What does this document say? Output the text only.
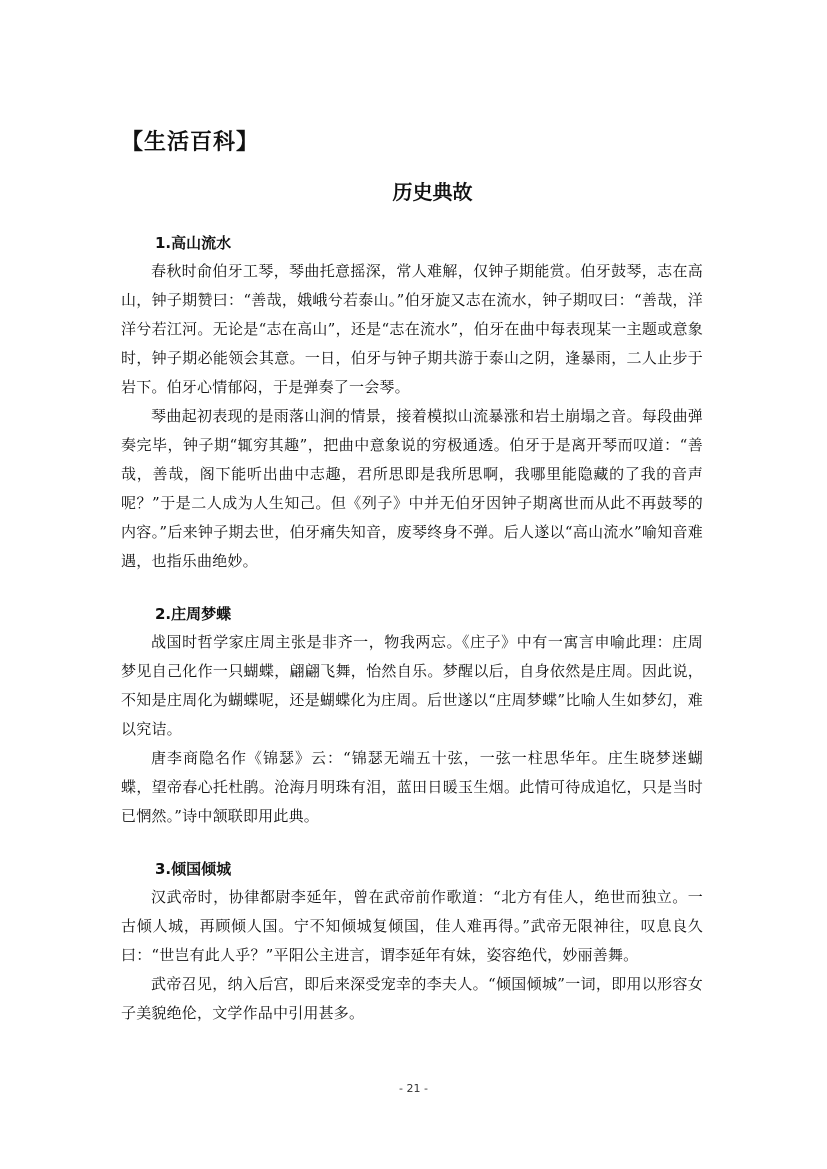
【生活百科】
历史典故

1.高山流水

春秋时俞伯牙工琴，琴曲托意摇深，常人难解，仅钟子期能赏。伯牙鼓琴，志在高山，钟子期赞曰：“善哉，娥峨兮若泰山。”伯牙旋又志在流水，钟子期叹曰：“善哉，洋洋兮若江河。无论是“志在高山”，还是“志在流水”，伯牙在曲中每表现某一主题或意象时，钟子期必能领会其意。一日，伯牙与钟子期共游于泰山之阴，逢暴雨，二人止步于岩下。伯牙心情郁闷，于是弹奏了一会琴。

琴曲起初表现的是雨落山涧的情景，接着模拟山流暴涨和岩土崩塌之音。每段曲弹奏完毕，钟子期“辄穷其趣”，把曲中意象说的穷极通透。伯牙于是离开琴而叹道：“善哉，善哉，阁下能听出曲中志趣，君所思即是我所思啊，我哪里能隐藏的了我的音声呢？”于是二人成为人生知己。但《列子》中并无伯牙因钟子期离世而从此不再鼓琴的内容。”后来钟子期去世，伯牙痛失知音，废琴终身不弹。后人遂以“高山流水”喻知音难遇，也指乐曲绝妙。

2.庄周梦蝶

战国时哲学家庄周主张是非齐一，物我两忘。《庄子》中有一寓言申喻此理：庄周梦见自己化作一只蝴蝶，翩翩飞舞，怡然自乐。梦醒以后，自身依然是庄周。因此说，不知是庄周化为蝴蝶呢，还是蝴蝶化为庄周。后世遂以“庄周梦蝶”比喻人生如梦幻，难以究诘。

唐李商隐名作《锦瑟》云：“锦瑟无端五十弦，一弦一柱思华年。庄生晓梦迷蝴蝶，望帝春心托杜鹃。沧海月明珠有泪，蓝田日暖玉生烟。此情可待成追忆，只是当时已惘然。”诗中颔联即用此典。

3.倾国倾城

汉武帝时，协律都尉李延年，曾在武帝前作歌道：“北方有佳人，绝世而独立。一古倾人城，再顾倾人国。宁不知倾城复倾国，佳人难再得。”武帝无限神往，叹息良久曰：“世岂有此人乎？”平阳公主进言，谓李延年有妹，姿容绝代，妙丽善舞。

武帝召见，纳入后宫，即后来深受宠幸的李夫人。“倾国倾城”一词，即用以形容女子美貌绝伦，文学作品中引用甚多。

- 21 -
